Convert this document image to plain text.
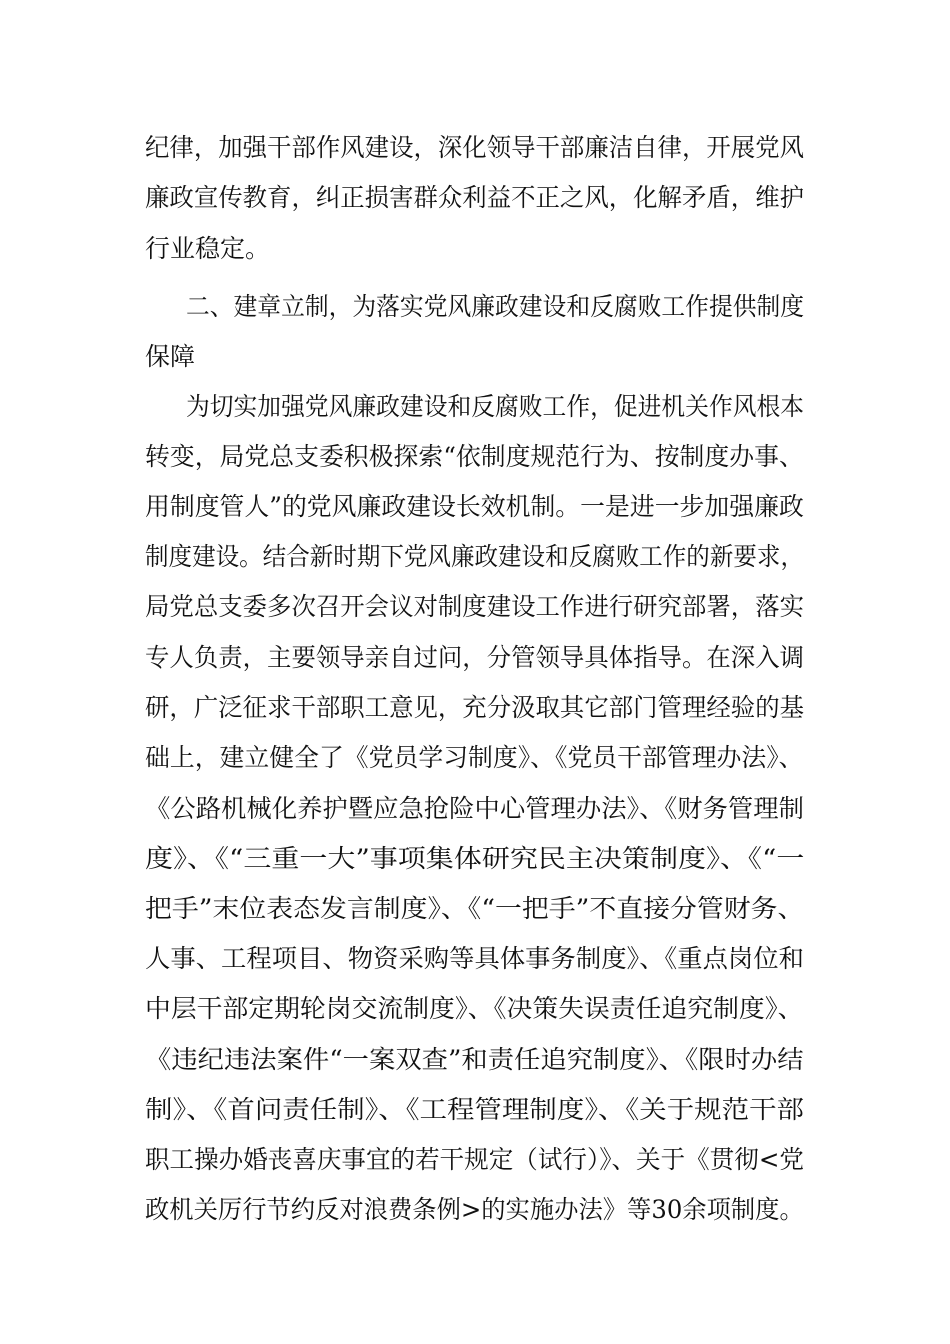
纪律，加强干部作风建设，深化领导干部廉洁自律，开展党风
廉政宣传教育，纠正损害群众利益不正之风，化解矛盾，维护
行业稳定。
二、建章立制，为落实党风廉政建设和反腐败工作提供制度
保障
为切实加强党风廉政建设和反腐败工作，促进机关作风根本
转变，局党总支委积极探索“依制度规范行为、按制度办事、
用制度管人”的党风廉政建设长效机制。一是进一步加强廉政
制度建设。结合新时期下党风廉政建设和反腐败工作的新要求，
局党总支委多次召开会议对制度建设工作进行研究部署，落实
专人负责，主要领导亲自过问，分管领导具体指导。在深入调
研，广泛征求干部职工意见，充分汲取其它部门管理经验的基
础上，建立健全了《党员学习制度》、《党员干部管理办法》、
《公路机械化养护暨应急抢险中心管理办法》、《财务管理制
度》、《“三重一大”事项集体研究民主决策制度》、《“一
把手”末位表态发言制度》、《“一把手”不直接分管财务、
人事、工程项目、物资采购等具体事务制度》、《重点岗位和
中层干部定期轮岗交流制度》、《决策失误责任追究制度》、
《违纪违法案件“一案双查”和责任追究制度》、《限时办结
制》、《首问责任制》、《工程管理制度》、《关于规范干部
职工操办婚丧喜庆事宜的若干规定（试行）》、关于《贯彻<党
政机关厉行节约反对浪费条例>的实施办法》等30余项制度。
